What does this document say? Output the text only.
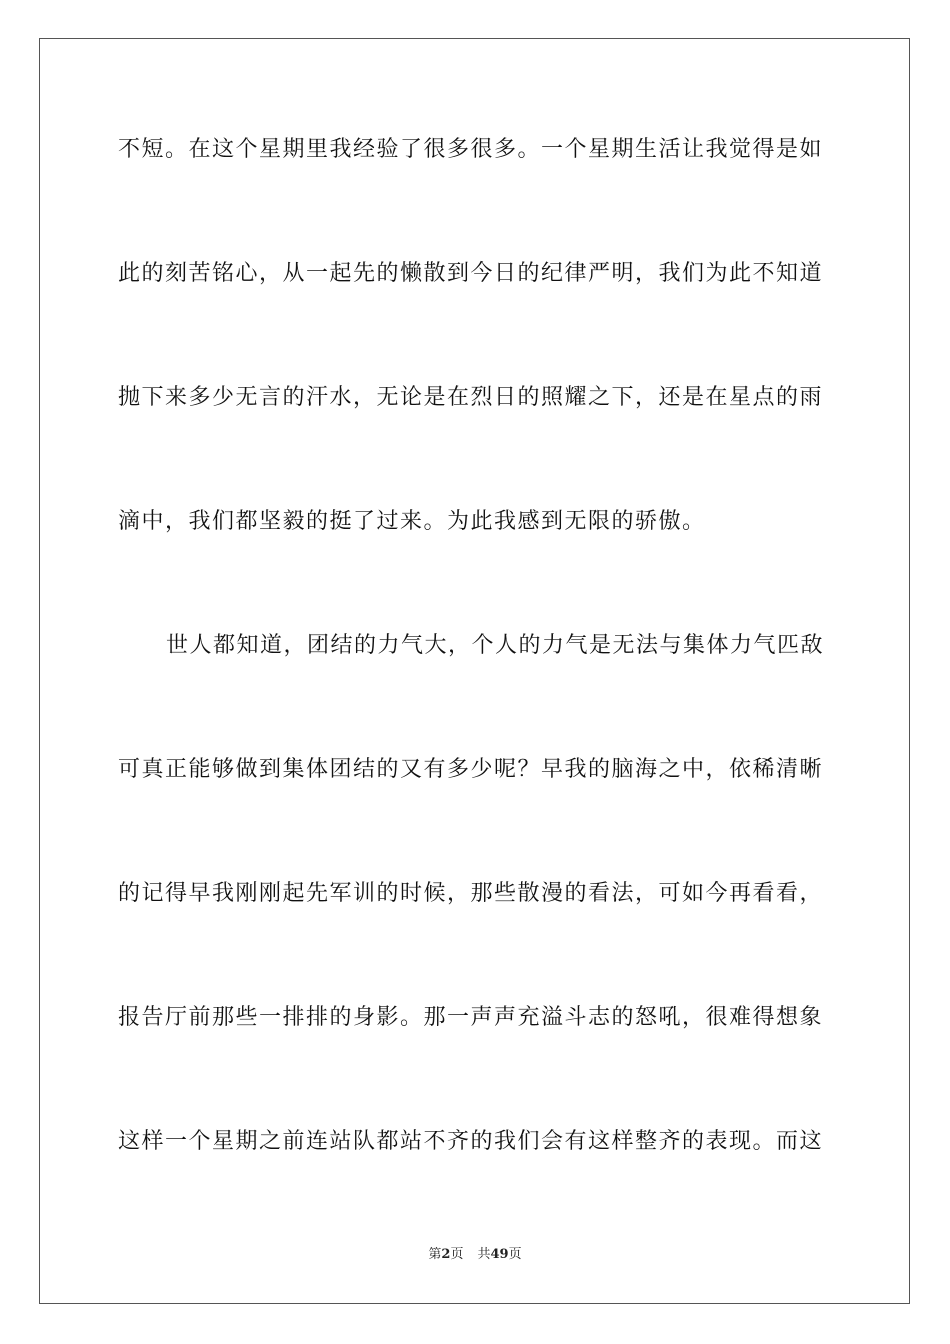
不短。在这个星期里我经验了很多很多。一个星期生活让我觉得是如
此的刻苦铭心，从一起先的懒散到今日的纪律严明，我们为此不知道
抛下来多少无言的汗水，无论是在烈日的照耀之下，还是在星点的雨
滴中，我们都坚毅的挺了过来。为此我感到无限的骄傲。
世人都知道，团结的力气大，个人的力气是无法与集体力气匹敌
可真正能够做到集体团结的又有多少呢？早我的脑海之中，依稀清晰
的记得早我刚刚起先军训的时候，那些散漫的看法，可如今再看看，
报告厅前那些一排排的身影。那一声声充溢斗志的怒吼，很难得想象
这样一个星期之前连站队都站不齐的我们会有这样整齐的表现。而这
第2页 共49页
